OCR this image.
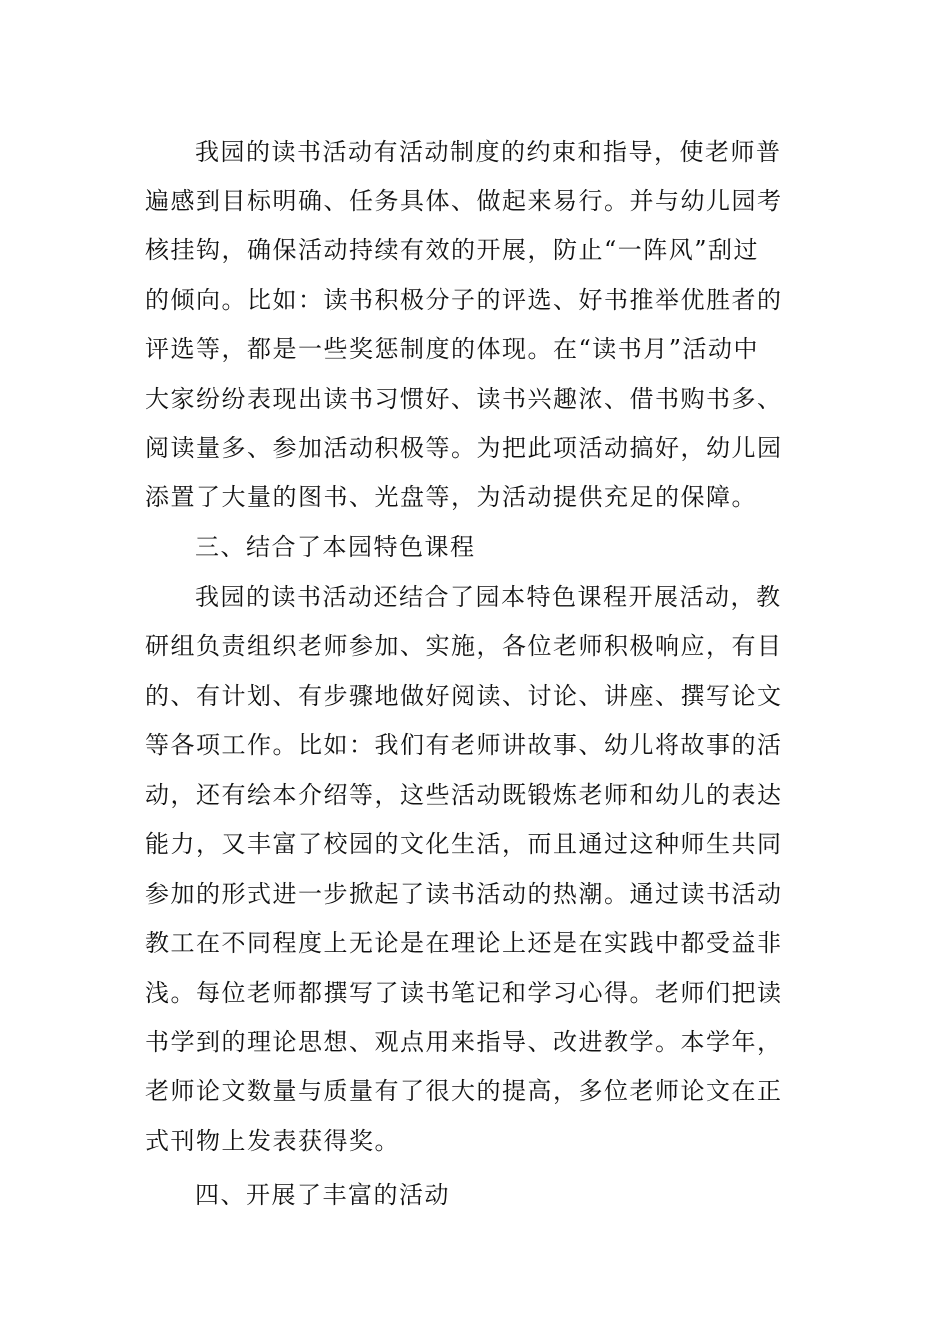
我园的读书活动有活动制度的约束和指导，使老师普
遍感到目标明确、任务具体、做起来易行。并与幼儿园考
核挂钩，确保活动持续有效的开展，防止“一阵风”刮过
的倾向。比如：读书积极分子的评选、好书推举优胜者的
评选等，都是一些奖惩制度的体现。在“读书月”活动中
大家纷纷表现出读书习惯好、读书兴趣浓、借书购书多、
阅读量多、参加活动积极等。为把此项活动搞好，幼儿园
添置了大量的图书、光盘等，为活动提供充足的保障。
三、结合了本园特色课程
我园的读书活动还结合了园本特色课程开展活动，教
研组负责组织老师参加、实施，各位老师积极响应，有目
的、有计划、有步骤地做好阅读、讨论、讲座、撰写论文
等各项工作。比如：我们有老师讲故事、幼儿将故事的活
动，还有绘本介绍等，这些活动既锻炼老师和幼儿的表达
能力，又丰富了校园的文化生活，而且通过这种师生共同
参加的形式进一步掀起了读书活动的热潮。通过读书活动
教工在不同程度上无论是在理论上还是在实践中都受益非
浅。每位老师都撰写了读书笔记和学习心得。老师们把读
书学到的理论思想、观点用来指导、改进教学。本学年，
老师论文数量与质量有了很大的提高，多位老师论文在正
式刊物上发表获得奖。
四、开展了丰富的活动
